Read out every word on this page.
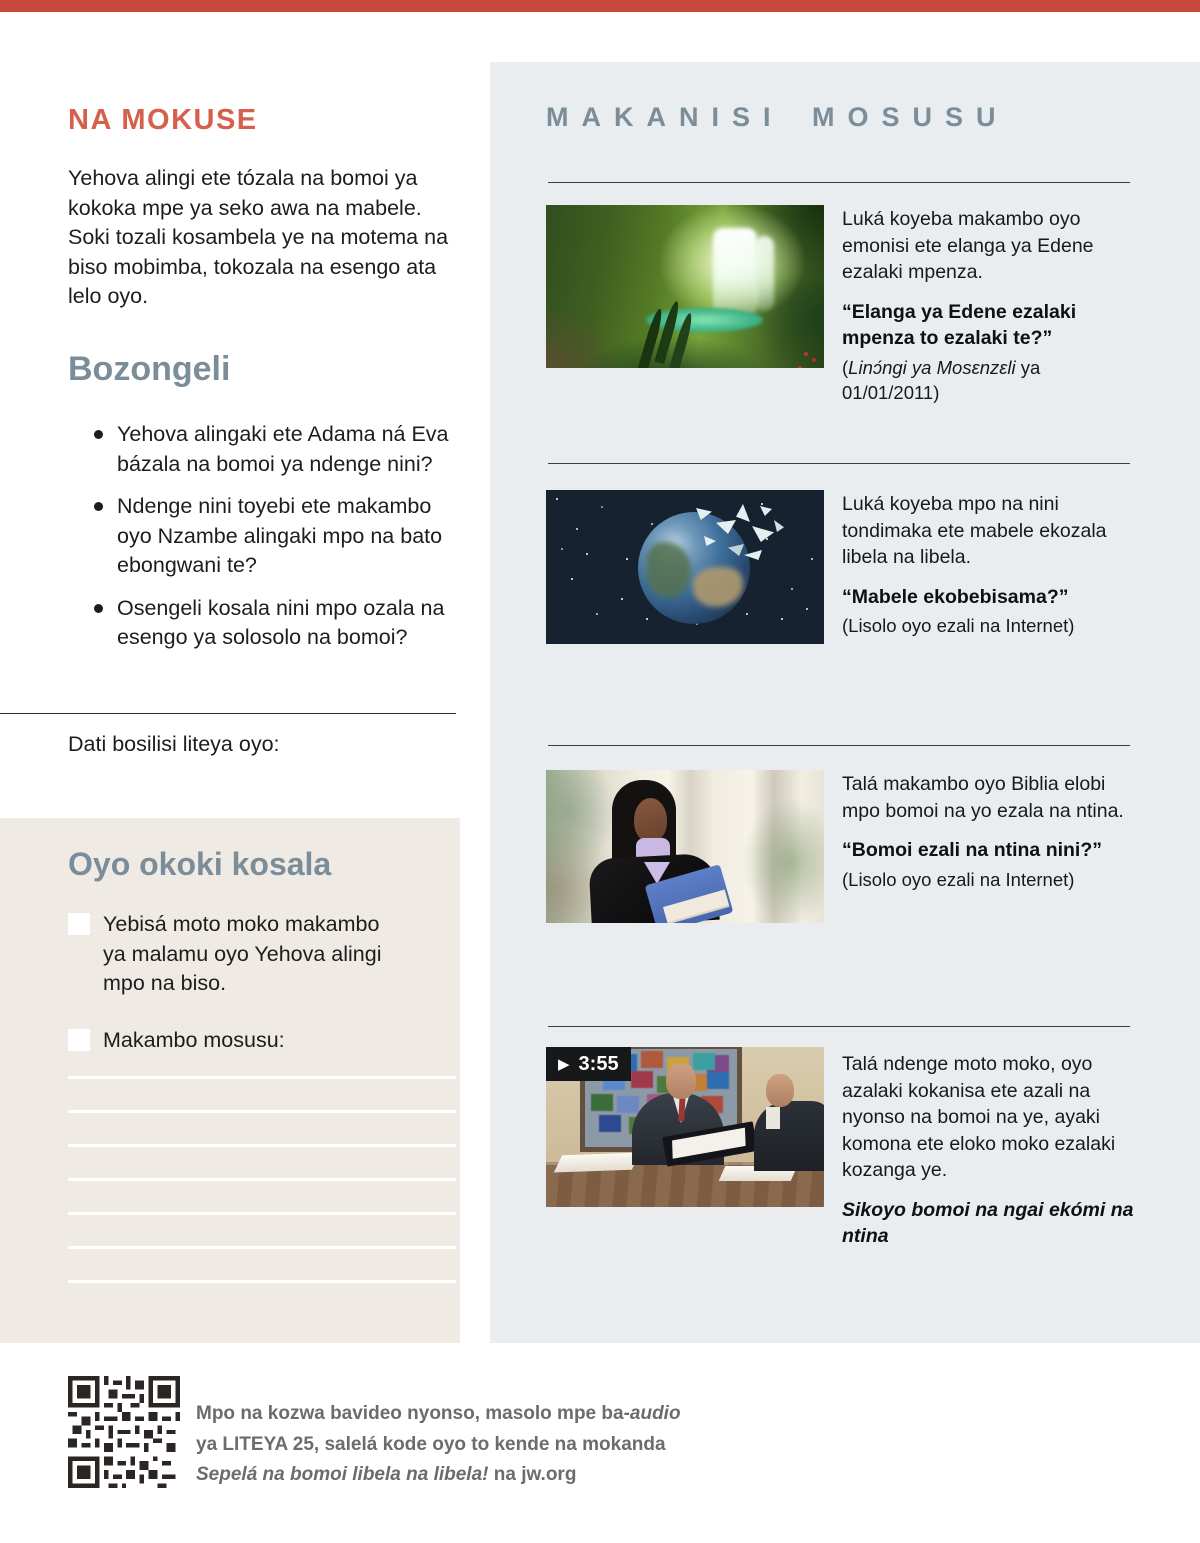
NA MOKUSE

Yehova alingi ete tózala na bomoi ya kokoka mpe ya seko awa na mabele. Soki tozali kosambela ye na motema na biso mobimba, tokozala na esengo ata lelo oyo.

Bozongeli
Yehova alingaki ete Adama ná Eva bázala na bomoi ya ndenge nini?
Ndenge nini toyebi ete makambo oyo Nzambe alingaki mpo na bato ebongwani te?
Osengeli kosala nini mpo ozala na esengo ya solosolo na bomoi?

Dati bosilisi liteya oyo:

Oyo okoki kosala
Yebisá moto moko makambo ya malamu oyo Yehova alingi mpo na biso.
Makambo mosusu:
MAKANISI MOSUSU

Luká koyeba makambo oyo emonisi ete elanga ya Edene ezalaki mpenza.

“Elanga ya Edene ezalaki mpenza to ezalaki te?”

(Linɔ́ngi ya Mosɛnzɛli ya 01/01/2011)

Luká koyeba mpo na nini tondimaka ete mabele ekozala libela na libela.

“Mabele ekobebisama?”

(Lisolo oyo ezali na Internet)

Talá makambo oyo Biblia elobi mpo bomoi na yo ezala na ntina.

“Bomoi ezali na ntina nini?”

(Lisolo oyo ezali na Internet)

▶ 3:55	Talá ndenge moto moko, oyo azalaki kokanisa ete azali na nyonso na bomoi na ye, ayaki komona ete eloko moko ezalaki kozanga ye.

Sikoyo bomoi na ngai ekómi na ntina

Mpo na kozwa bavideo nyonso, masolo mpe ba-audio
ya LITEYA 25, salelá kode oyo to kende na mokanda
Sepelá na bomoi libela na libela! na jw.org
